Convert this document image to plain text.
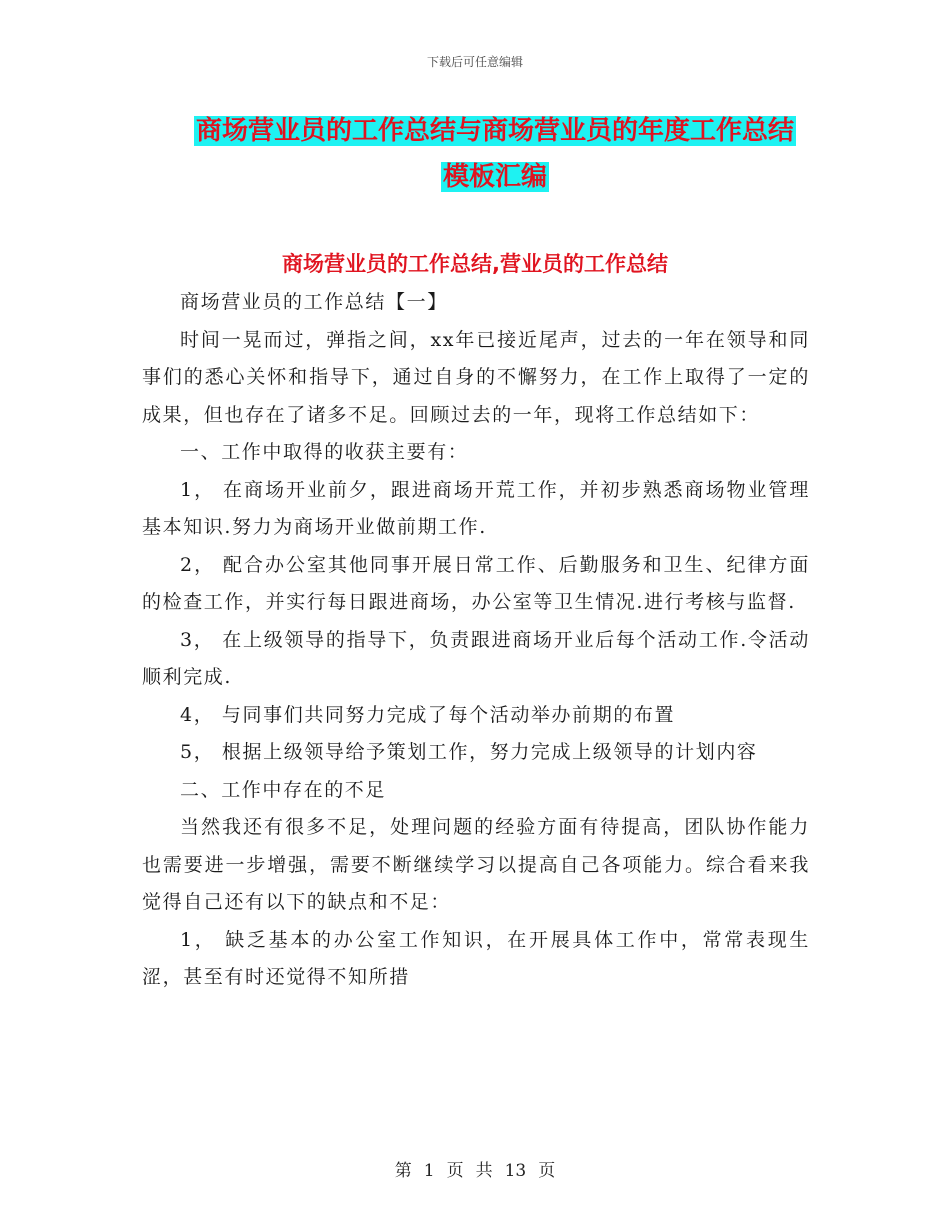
下载后可任意编辑
商场营业员的工作总结与商场营业员的年度工作总结
模板汇编
商场营业员的工作总结,营业员的工作总结

商场营业员的工作总结【一】

时间一晃而过，弹指之间，xx年已接近尾声，过去的一年在领导和同事们的悉心关怀和指导下，通过自身的不懈努力，在工作上取得了一定的成果，但也存在了诸多不足。回顾过去的一年，现将工作总结如下：

一、工作中取得的收获主要有：

1， 在商场开业前夕，跟进商场开荒工作，并初步熟悉商场物业管理基本知识.努力为商场开业做前期工作.

2， 配合办公室其他同事开展日常工作、后勤服务和卫生、纪律方面的检查工作，并实行每日跟进商场，办公室等卫生情况.进行考核与监督.

3， 在上级领导的指导下，负责跟进商场开业后每个活动工作.令活动顺利完成.

4， 与同事们共同努力完成了每个活动举办前期的布置

5， 根据上级领导给予策划工作，努力完成上级领导的计划内容

二、工作中存在的不足

当然我还有很多不足，处理问题的经验方面有待提高，团队协作能力也需要进一步增强，需要不断继续学习以提高自己各项能力。综合看来我觉得自己还有以下的缺点和不足：

1， 缺乏基本的办公室工作知识，在开展具体工作中，常常表现生涩，甚至有时还觉得不知所措

第 1 页 共 13 页
